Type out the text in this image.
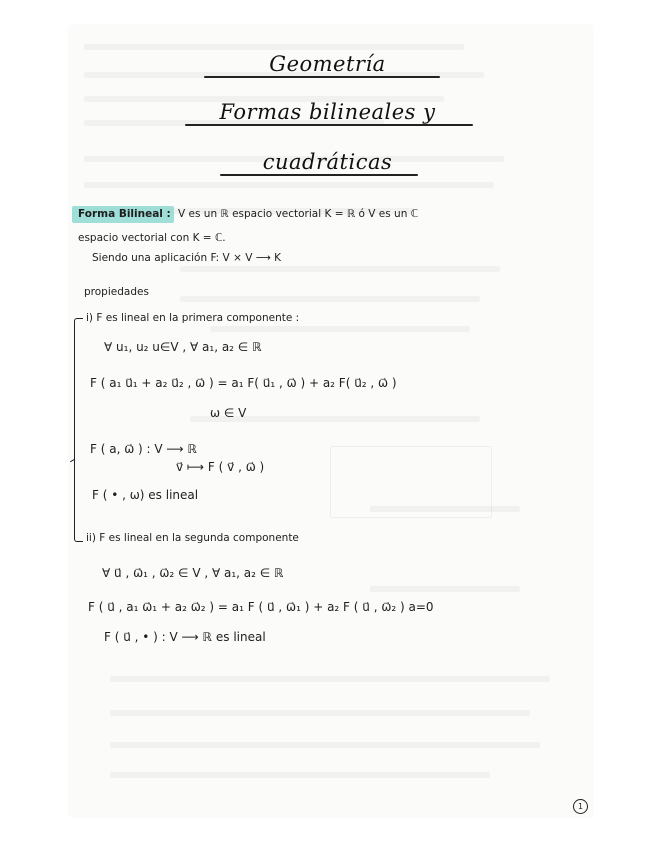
Geometría
Formas bilineales y
cuadráticas
Forma Bilineal : V es un ℝ espacio vectorial K = ℝ ó V es un ℂ
espacio vectorial con K = ℂ.
Siendo una aplicación F: V × V ⟶ K
propiedades
i) F es lineal en la primera componente :
∀ u₁, u₂ u∈V , ∀ a₁, a₂ ∈ ℝ
F ( a₁ u⃗₁ + a₂ u⃗₂ , ω⃗ ) = a₁ F( u⃗₁ , ω⃗ ) + a₂ F( u⃗₂ , ω⃗ )
ω ∈ V
F ( a, ω⃗ ) : V ⟶ ℝ
v⃗ ⟼ F ( v⃗ , ω⃗ )
F ( • , ω) es lineal
ii) F es lineal en la segunda componente
∀ u⃗ , ω⃗₁ , ω⃗₂ ∈ V , ∀ a₁, a₂ ∈ ℝ
F ( u⃗ , a₁ ω⃗₁ + a₂ ω⃗₂ ) = a₁ F ( u⃗ , ω⃗₁ ) + a₂ F ( u⃗ , ω⃗₂ ) a=0
F ( u⃗ , • ) : V ⟶ ℝ es lineal
1
